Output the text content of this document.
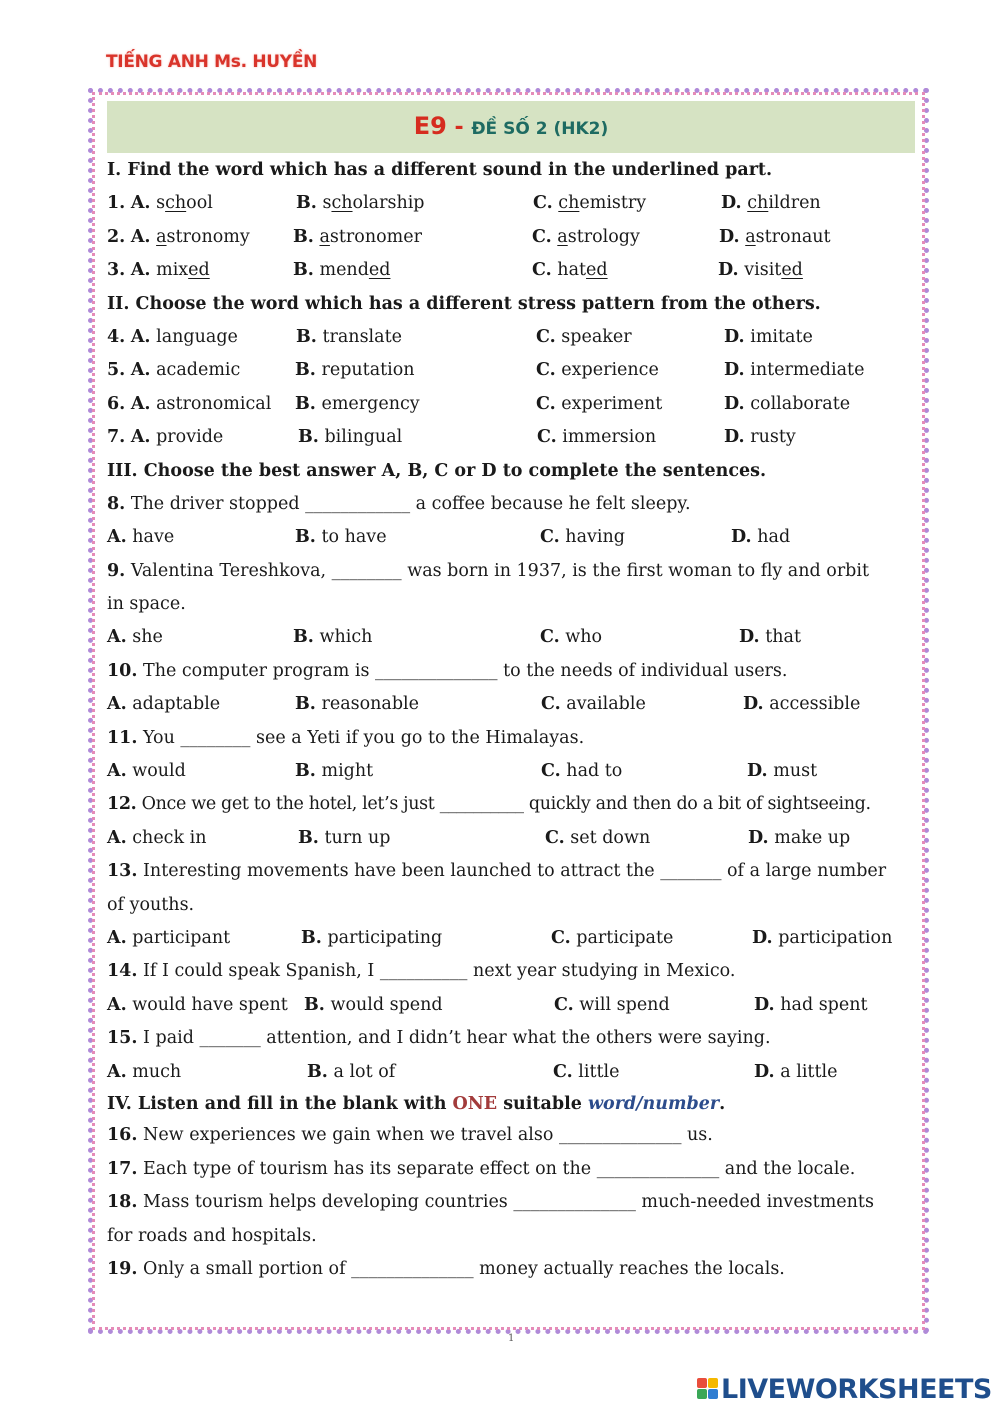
TIẾNG ANH Ms. HUYỀN
E9 - ĐỀ SỐ 2 (HK2)
I. Find the word which has a different sound in the underlined part.
1. A. school	B. scholarship	C. chemistry	D. children
2. A. astronomy B. astronomer	C. astrology	D. astronaut
3. A. mixed	B. mended	C. hated	D. visited
II. Choose the word which has a different stress pattern from the others.
4. A. language	B. translate	C. speaker	D. imitate
5. A. academic	B. reputation	C. experience	D. intermediate
6. A. astronomical B. emergency	C. experiment	D. collaborate
7. A. provide	B. bilingual	C. immersion	D. rusty
III. Choose the best answer A, B, C or D to complete the sentences.
8. The driver stopped ____________ a coffee because he felt sleepy.
A. have	B. to have	C. having	D. had
9. Valentina Tereshkova, ________ was born in 1937, is the first woman to fly and orbit
in space.
A. she	B. which	C. who	D. that
10. The computer program is ______________ to the needs of individual users.
A. adaptable	B. reasonable	C. available	D. accessible
11. You ________ see a Yeti if you go to the Himalayas.
A. would	B. might	C. had to	D. must
12. Once we get to the hotel, let’s just __________ quickly and then do a bit of sightseeing.
A. check in	B. turn up	C. set down	D. make up
13. Interesting movements have been launched to attract the _______ of a large number
of youths.
A. participant	B. participating	C. participate	D. participation
14. If I could speak Spanish, I __________ next year studying in Mexico.
A. would have spent B. would spend	C. will spend	D. had spent
15. I paid _______ attention, and I didn’t hear what the others were saying.
A. much	B. a lot of	C. little	D. a little
IV. Listen and fill in the blank with ONE suitable word/number.
16. New experiences we gain when we travel also ______________ us.
17. Each type of tourism has its separate effect on the ______________ and the locale.
18. Mass tourism helps developing countries ______________ much-needed investments
for roads and hospitals.
19. Only a small portion of ______________ money actually reaches the locals.
1
LIVEWORKSHEETS
